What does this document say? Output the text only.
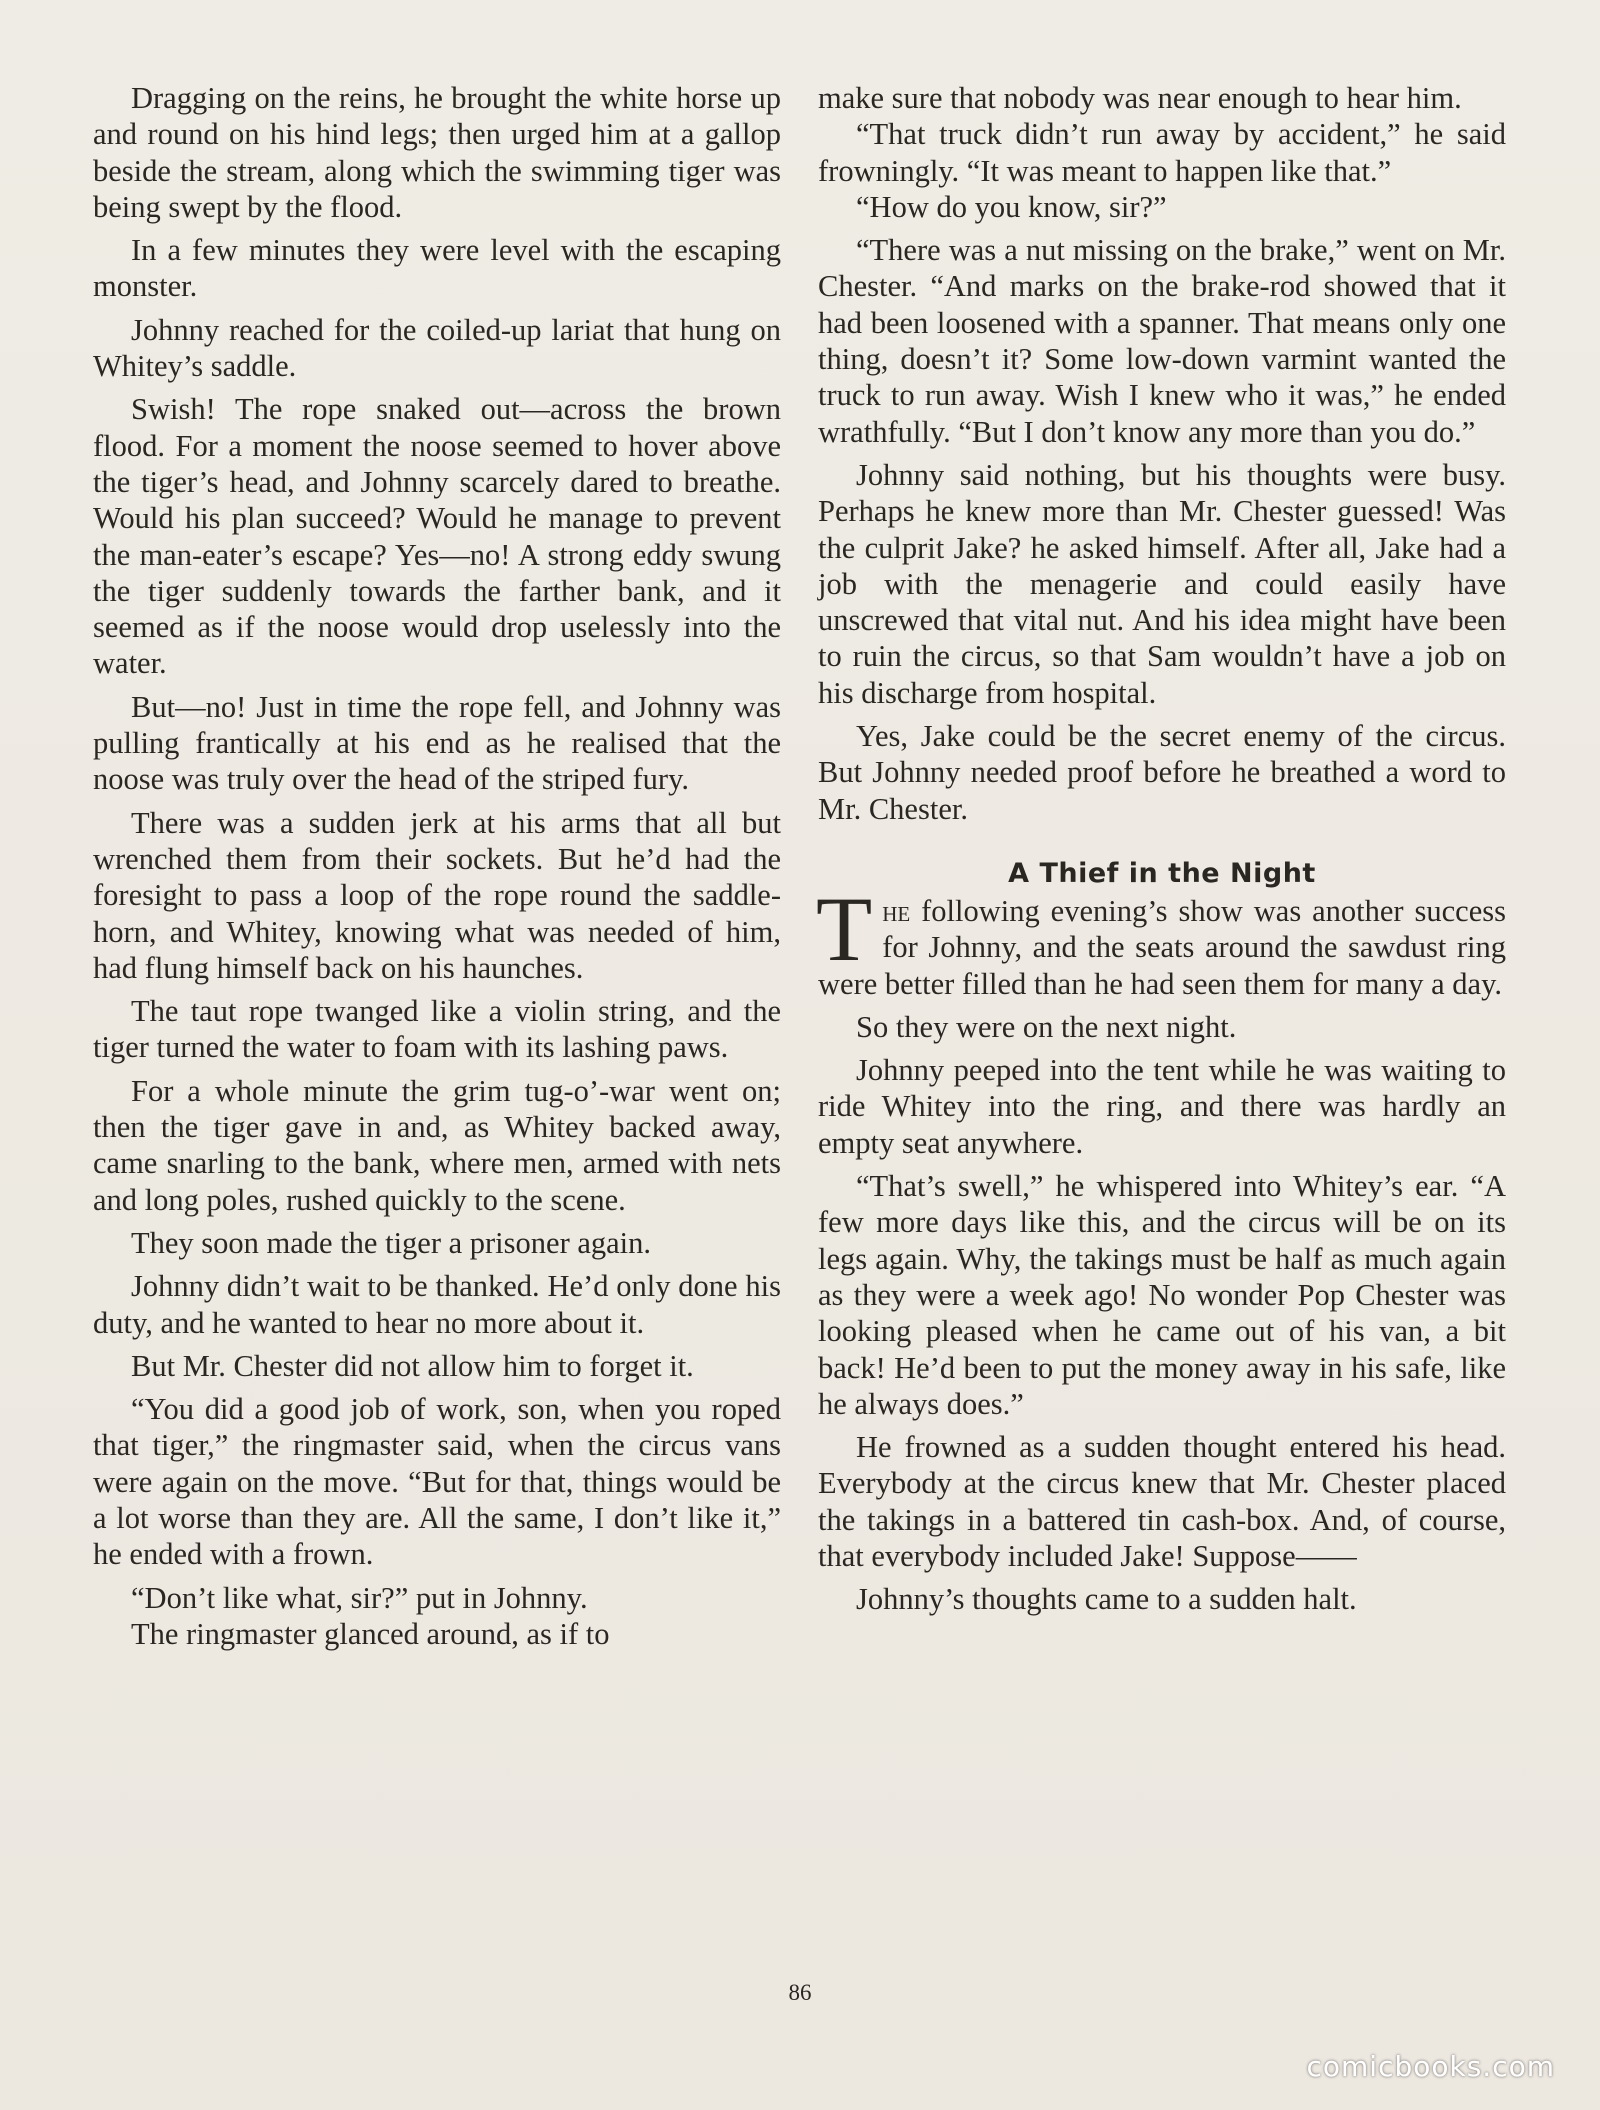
Dragging on the reins, he brought the white horse up and round on his hind legs; then urged him at a gallop beside the stream, along which the swimming tiger was being swept by the flood.

In a few minutes they were level with the escaping monster.

Johnny reached for the coiled-up lariat that hung on Whitey’s saddle.

Swish! The rope snaked out—across the brown flood. For a moment the noose seemed to hover above the tiger’s head, and Johnny scarcely dared to breathe. Would his plan succeed? Would he manage to prevent the man-eater’s escape? Yes—no! A strong eddy swung the tiger suddenly towards the farther bank, and it seemed as if the noose would drop uselessly into the water.

But—no! Just in time the rope fell, and Johnny was pulling frantically at his end as he realised that the noose was truly over the head of the striped fury.

There was a sudden jerk at his arms that all but wrenched them from their sockets. But he’d had the foresight to pass a loop of the rope round the saddle-horn, and Whitey, knowing what was needed of him, had flung himself back on his haunches.

The taut rope twanged like a violin string, and the tiger turned the water to foam with its lashing paws.

For a whole minute the grim tug-o’-war went on; then the tiger gave in and, as Whitey backed away, came snarling to the bank, where men, armed with nets and long poles, rushed quickly to the scene.

They soon made the tiger a prisoner again.

Johnny didn’t wait to be thanked. He’d only done his duty, and he wanted to hear no more about it.

But Mr. Chester did not allow him to forget it.

“You did a good job of work, son, when you roped that tiger,” the ringmaster said, when the circus vans were again on the move. “But for that, things would be a lot worse than they are. All the same, I don’t like it,” he ended with a frown.

“Don’t like what, sir?” put in Johnny.

The ringmaster glanced around, as if to

make sure that nobody was near enough to hear him.

“That truck didn’t run away by accident,” he said frowningly. “It was meant to happen like that.”

“How do you know, sir?”

“There was a nut missing on the brake,” went on Mr. Chester. “And marks on the brake-rod showed that it had been loosened with a spanner. That means only one thing, doesn’t it? Some low-down varmint wanted the truck to run away. Wish I knew who it was,” he ended wrathfully. “But I don’t know any more than you do.”

Johnny said nothing, but his thoughts were busy. Perhaps he knew more than Mr. Chester guessed! Was the culprit Jake? he asked himself. After all, Jake had a job with the menagerie and could easily have unscrewed that vital nut. And his idea might have been to ruin the circus, so that Sam wouldn’t have a job on his discharge from hospital.

Yes, Jake could be the secret enemy of the circus. But Johnny needed proof before he breathed a word to Mr. Chester.

A Thief in the Night

The following evening’s show was another success for Johnny, and the seats around the sawdust ring were better filled than he had seen them for many a day.

So they were on the next night.

Johnny peeped into the tent while he was waiting to ride Whitey into the ring, and there was hardly an empty seat anywhere.

“That’s swell,” he whispered into Whitey’s ear. “A few more days like this, and the circus will be on its legs again. Why, the takings must be half as much again as they were a week ago! No wonder Pop Chester was looking pleased when he came out of his van, a bit back! He’d been to put the money away in his safe, like he always does.”

He frowned as a sudden thought entered his head. Everybody at the circus knew that Mr. Chester placed the takings in a battered tin cash-box. And, of course, that everybody included Jake! Suppose——

Johnny’s thoughts came to a sudden halt.

86
comicbooks.com
